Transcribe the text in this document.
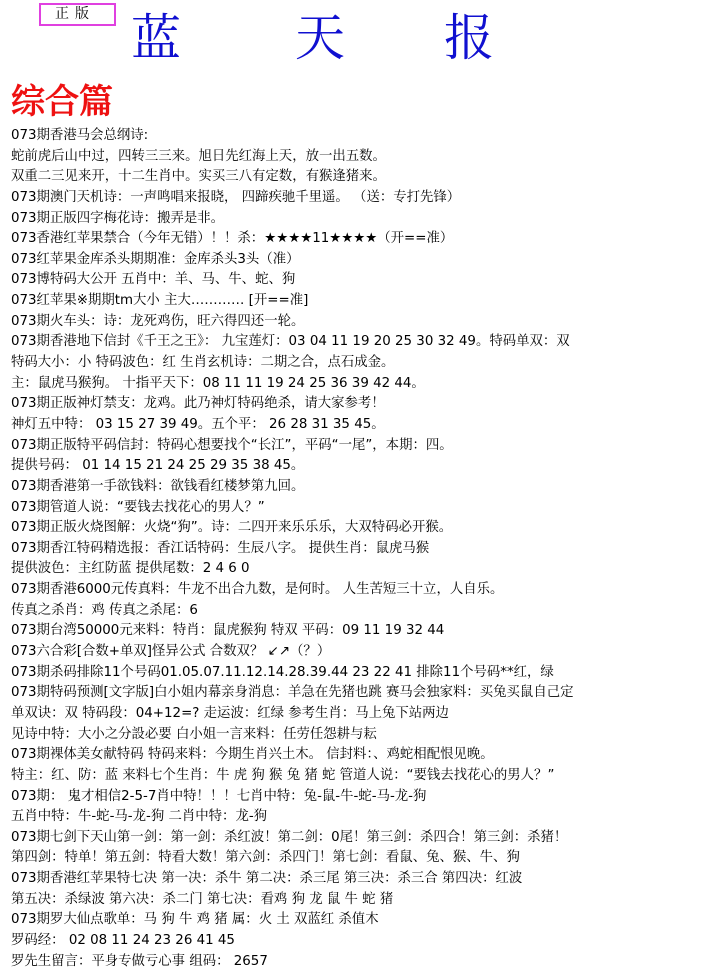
正版 蓝 天 报
综合篇
073期香港马会总纲诗:
蛇前虎后山中过，四转三三来。旭日先红海上天，放一出五数。
双重二三见来开，十二生肖中。实买三八有定数，有猴逢猪来。
073期澳门天机诗：一声鸣唱来报晓， 四蹄疾驰千里遥。 （送：专打先锋）
073期正版四字梅花诗：搬弄是非。
073香港红苹果禁合（今年无错）！！杀：★★★★11★★★★（开==准）
073红苹果金库杀头期期准：金库杀头3头（准）
073博特码大公开 五肖中：羊、马、牛、蛇、狗
073红苹果※期期tm大小 主大………… [开==准]
073期火车头：诗：龙死鸡伤，旺六得四还一轮。
073期香港地下信封《千王之王》： 九宝莲灯：03 04 11 19 20 25 30 32 49。特码单双：双
特码大小：小 特码波色：红 生肖玄机诗：二期之合，点石成金。
主：鼠虎马猴狗。 十指平天下：08 11 11 19 24 25 36 39 42 44。
073期正版神灯禁支：龙鸡。此乃神灯特码绝杀，请大家参考！
神灯五中特： 03 15 27 39 49。五个平： 26 28 31 35 45。
073期正版特平码信封：特码心想要找个“长江”，平码“一尾”，本期：四。
提供号码： 01 14 15 21 24 25 29 35 38 45。
073期香港第一手欲钱料：欲钱看红楼梦第九回。
073期管道人说：“要钱去找花心的男人？”
073期正版火烧图解：火烧“狗”。诗：二四开来乐乐乐，大双特码必开猴。
073期香江特码精选报：香江话特码：生辰八字。 提供生肖：鼠虎马猴
提供波色：主红防蓝 提供尾数：2 4 6 0
073期香港6000元传真料：牛龙不出合九数，是何时。 人生苦短三十立，人自乐。
传真之杀肖：鸡 传真之杀尾：6
073期台湾50000元来料：特肖：鼠虎猴狗 特双 平码：09 11 19 32 44
073六合彩[合数+单双]怪异公式 合数双？ ↙↗（？）
073期杀码排除11个号码01.05.07.11.12.14.28.39.44 23 22 41 排除11个号码**红，绿
073期特码预测[文字版]白小姐内幕亲身消息：羊急在先猪也跳 赛马会独家料：买兔买鼠自己定
单双诀：双 特码段：04+12=? 走运波：红绿 参考生肖：马上兔下站两边
见诗中特：大小之分設必要 白小姐一言来料：任劳任怨耕与耘
073期裸体美女献特码 特码来料：今期生肖兴土木。 信封料：、鸡蛇相配恨见晚。
特主：红、防：蓝 来料七个生肖：牛 虎 狗 猴 兔 猪 蛇 管道人说：“要钱去找花心的男人？”
073期： 鬼才相信2-5-7肖中特！！！七肖中特：兔-鼠-牛-蛇-马-龙-狗
五肖中特：牛-蛇-马-龙-狗 二肖中特：龙-狗
073期七剑下天山第一剑：第一剑：杀红波！第二剑：0尾！第三剑：杀四合！第三剑：杀猪！
第四剑：特单！第五剑：特看大数！第六剑：杀四门！第七剑：看鼠、兔、猴、牛、狗
073期香港红苹果特七决 第一决：杀牛 第二决：杀三尾 第三决：杀三合 第四决：红波
第五决：杀绿波 第六决：杀二门 第七决：看鸡 狗 龙 鼠 牛 蛇 猪
073期罗大仙点歌单：马 狗 牛 鸡 猪 属：火 土 双蓝红 杀值木
罗码经： 02 08 11 24 23 26 41 45
罗先生留言：平身专做亏心事 组码： 2657
